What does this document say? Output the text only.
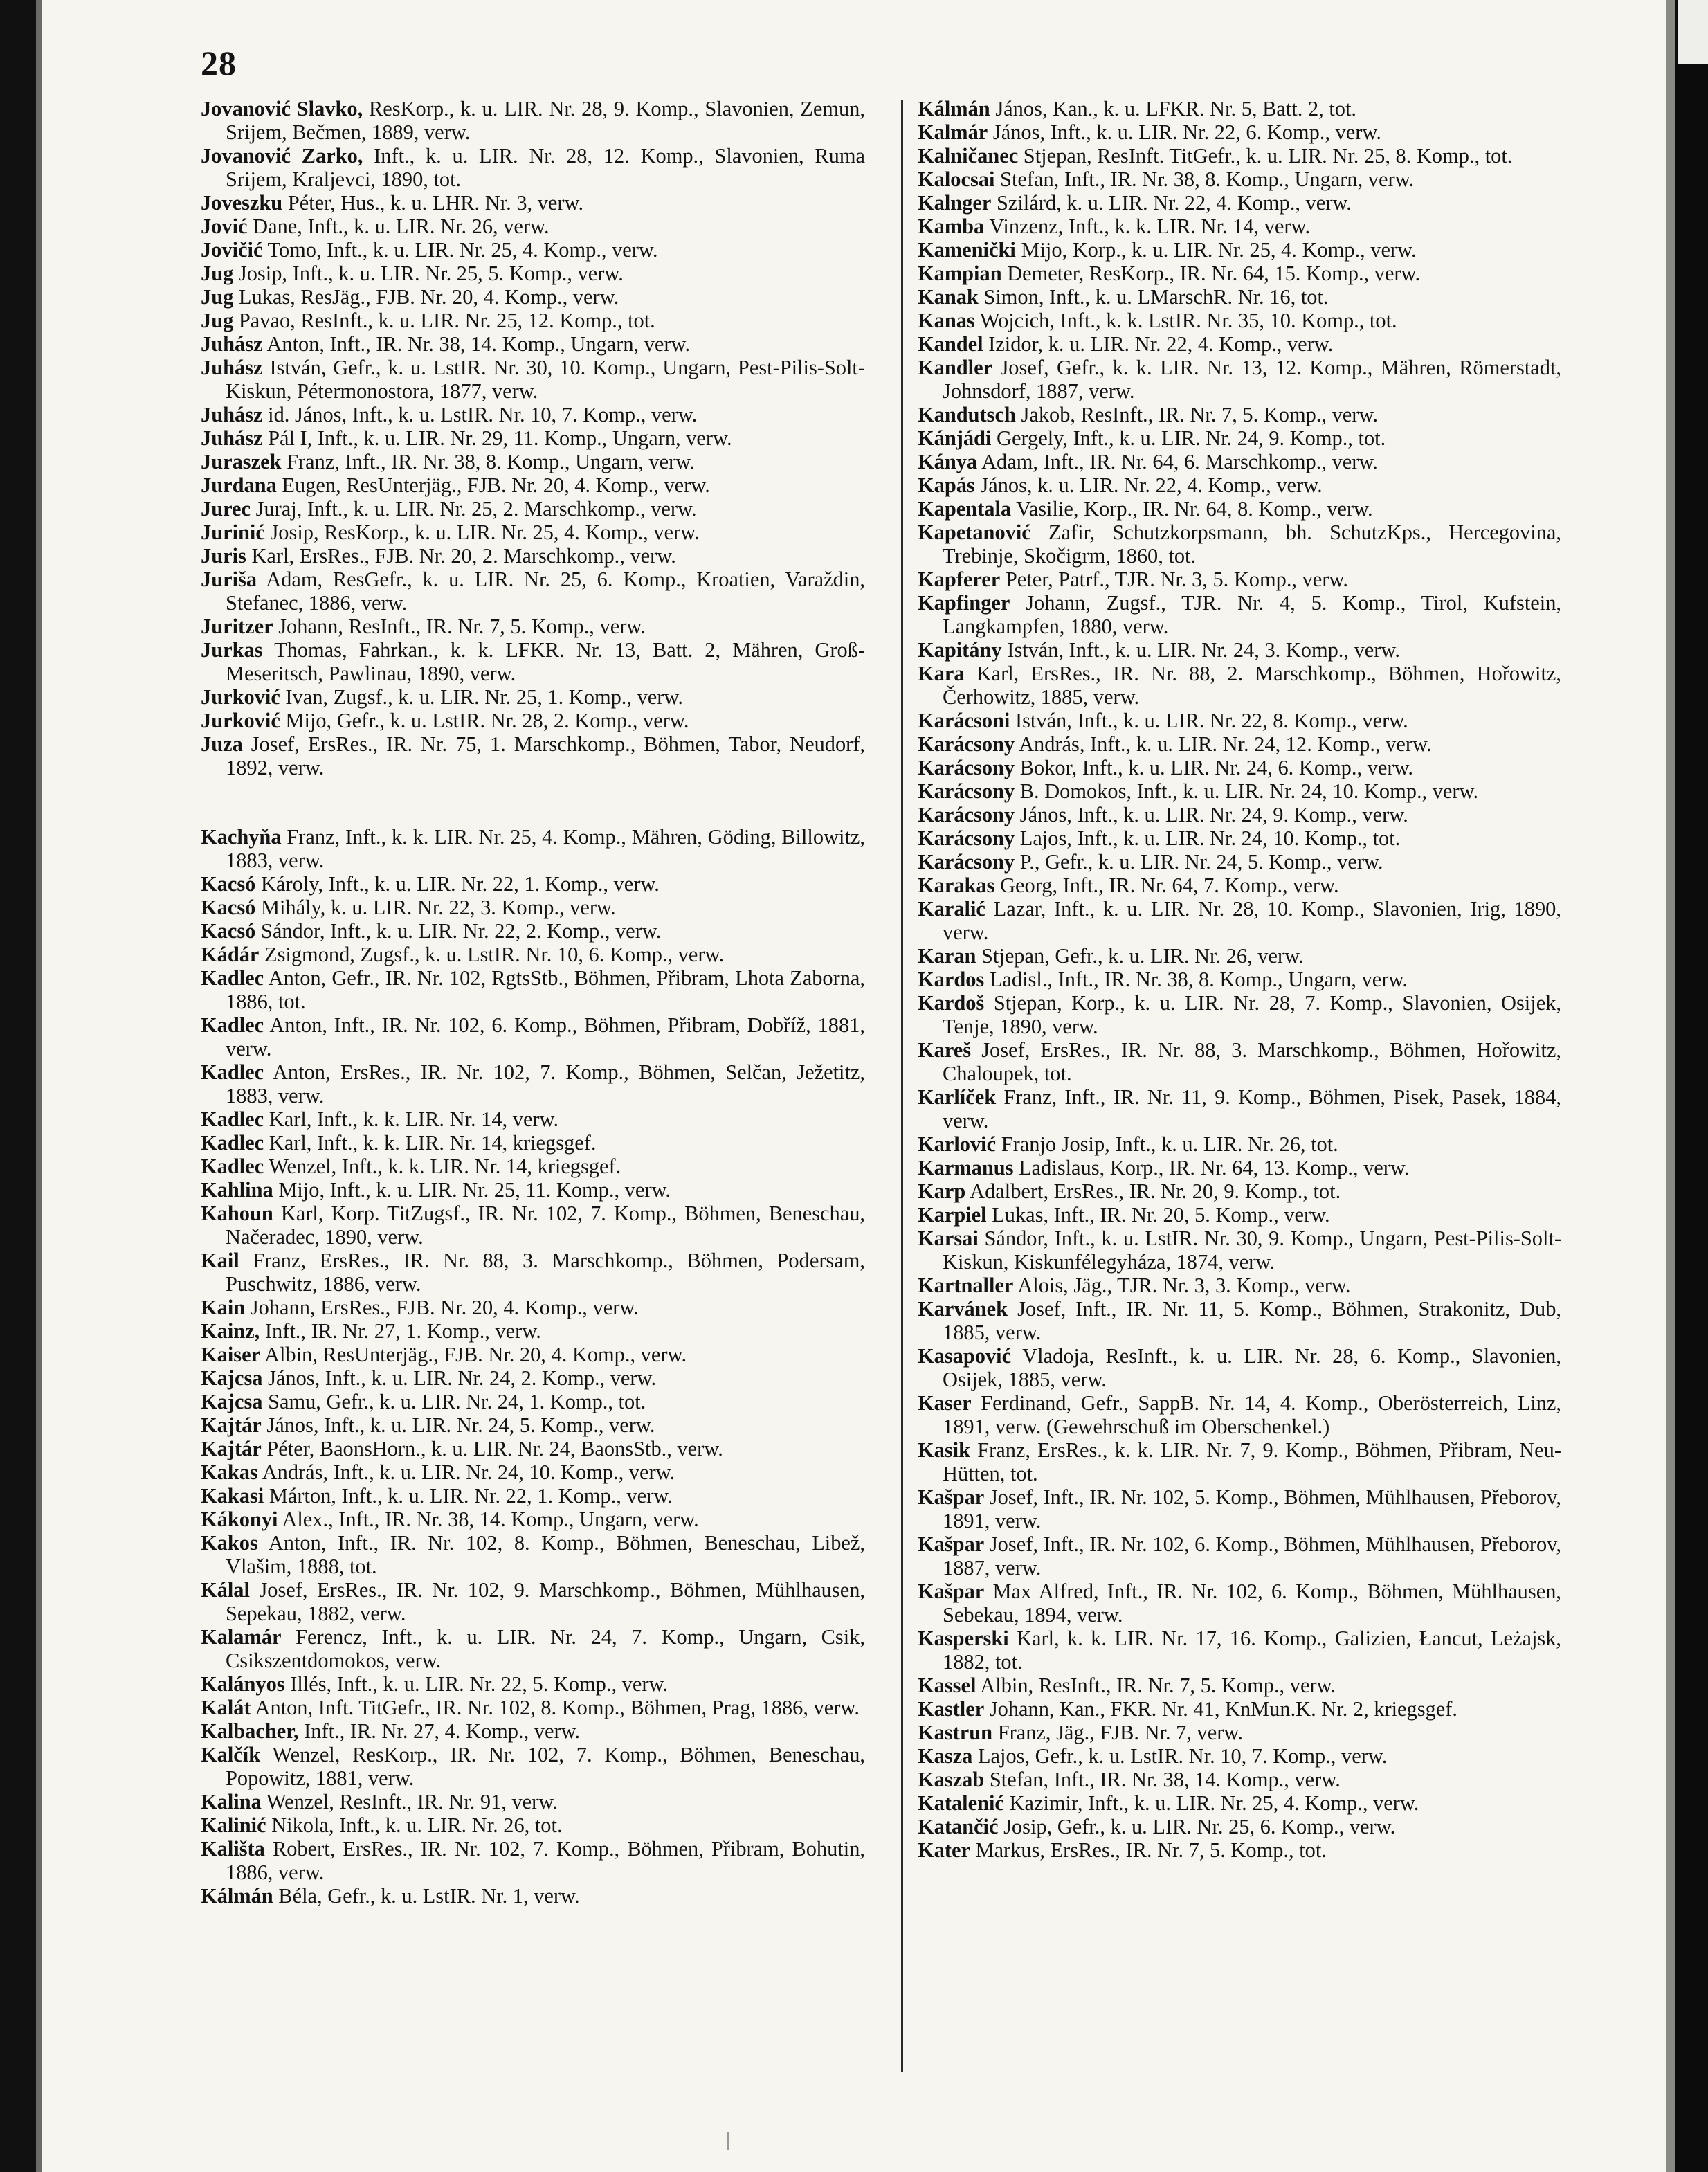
28
Jovanović Slavko, ResKorp., k. u. LIR. Nr. 28, 9. Komp., Slavonien, Zemun, Srijem, Bečmen, 1889, verw.
Jovanović Zarko, Inft., k. u. LIR. Nr. 28, 12. Komp., Slavonien, Ruma Srijem, Kraljevci, 1890, tot.
Joveszku Péter, Hus., k. u. LHR. Nr. 3, verw.
Jović Dane, Inft., k. u. LIR. Nr. 26, verw.
Jovičić Tomo, Inft., k. u. LIR. Nr. 25, 4. Komp., verw.
Jug Josip, Inft., k. u. LIR. Nr. 25, 5. Komp., verw.
Jug Lukas, ResJäg., FJB. Nr. 20, 4. Komp., verw.
Jug Pavao, ResInft., k. u. LIR. Nr. 25, 12. Komp., tot.
Juhász Anton, Inft., IR. Nr. 38, 14. Komp., Ungarn, verw.
Juhász István, Gefr., k. u. LstIR. Nr. 30, 10. Komp., Ungarn, Pest-Pilis-Solt-Kiskun, Pétermonostora, 1877, verw.
Juhász id. János, Inft., k. u. LstIR. Nr. 10, 7. Komp., verw.
Juhász Pál I, Inft., k. u. LIR. Nr. 29, 11. Komp., Ungarn, verw.
Juraszek Franz, Inft., IR. Nr. 38, 8. Komp., Ungarn, verw.
Jurdana Eugen, ResUnterjäg., FJB. Nr. 20, 4. Komp., verw.
Jurec Juraj, Inft., k. u. LIR. Nr. 25, 2. Marschkomp., verw.
Jurinić Josip, ResKorp., k. u. LIR. Nr. 25, 4. Komp., verw.
Juris Karl, ErsRes., FJB. Nr. 20, 2. Marschkomp., verw.
Juriša Adam, ResGefr., k. u. LIR. Nr. 25, 6. Komp., Kroatien, Varaždin, Stefanec, 1886, verw.
Juritzer Johann, ResInft., IR. Nr. 7, 5. Komp., verw.
Jurkas Thomas, Fahrkan., k. k. LFKR. Nr. 13, Batt. 2, Mähren, Groß-Meseritsch, Pawlinau, 1890, verw.
Jurković Ivan, Zugsf., k. u. LIR. Nr. 25, 1. Komp., verw.
Jurković Mijo, Gefr., k. u. LstIR. Nr. 28, 2. Komp., verw.
Juza Josef, ErsRes., IR. Nr. 75, 1. Marschkomp., Böhmen, Tabor, Neudorf, 1892, verw.
Kachyňa Franz, Inft., k. k. LIR. Nr. 25, 4. Komp., Mähren, Göding, Billowitz, 1883, verw.
Kacsó Károly, Inft., k. u. LIR. Nr. 22, 1. Komp., verw.
Kacsó Mihály, k. u. LIR. Nr. 22, 3. Komp., verw.
Kacsó Sándor, Inft., k. u. LIR. Nr. 22, 2. Komp., verw.
Kádár Zsigmond, Zugsf., k. u. LstIR. Nr. 10, 6. Komp., verw.
Kadlec Anton, Gefr., IR. Nr. 102, RgtsStb., Böhmen, Přibram, Lhota Zaborna, 1886, tot.
Kadlec Anton, Inft., IR. Nr. 102, 6. Komp., Böhmen, Přibram, Dobříž, 1881, verw.
Kadlec Anton, ErsRes., IR. Nr. 102, 7. Komp., Böhmen, Selčan, Ježetitz, 1883, verw.
Kadlec Karl, Inft., k. k. LIR. Nr. 14, verw.
Kadlec Karl, Inft., k. k. LIR. Nr. 14, kriegsgef.
Kadlec Wenzel, Inft., k. k. LIR. Nr. 14, kriegsgef.
Kahlina Mijo, Inft., k. u. LIR. Nr. 25, 11. Komp., verw.
Kahoun Karl, Korp. TitZugsf., IR. Nr. 102, 7. Komp., Böhmen, Beneschau, Načeradec, 1890, verw.
Kail Franz, ErsRes., IR. Nr. 88, 3. Marschkomp., Böhmen, Podersam, Puschwitz, 1886, verw.
Kain Johann, ErsRes., FJB. Nr. 20, 4. Komp., verw.
Kainz, Inft., IR. Nr. 27, 1. Komp., verw.
Kaiser Albin, ResUnterjäg., FJB. Nr. 20, 4. Komp., verw.
Kajcsa János, Inft., k. u. LIR. Nr. 24, 2. Komp., verw.
Kajcsa Samu, Gefr., k. u. LIR. Nr. 24, 1. Komp., tot.
Kajtár János, Inft., k. u. LIR. Nr. 24, 5. Komp., verw.
Kajtár Péter, BaonsHorn., k. u. LIR. Nr. 24, BaonsStb., verw.
Kakas András, Inft., k. u. LIR. Nr. 24, 10. Komp., verw.
Kakasi Márton, Inft., k. u. LIR. Nr. 22, 1. Komp., verw.
Kákonyi Alex., Inft., IR. Nr. 38, 14. Komp., Ungarn, verw.
Kakos Anton, Inft., IR. Nr. 102, 8. Komp., Böhmen, Beneschau, Libež, Vlašim, 1888, tot.
Kálal Josef, ErsRes., IR. Nr. 102, 9. Marschkomp., Böhmen, Mühlhausen, Sepekau, 1882, verw.
Kalamár Ferencz, Inft., k. u. LIR. Nr. 24, 7. Komp., Ungarn, Csik, Csikszentdomokos, verw.
Kalányos Illés, Inft., k. u. LIR. Nr. 22, 5. Komp., verw.
Kalát Anton, Inft. TitGefr., IR. Nr. 102, 8. Komp., Böhmen, Prag, 1886, verw.
Kalbacher, Inft., IR. Nr. 27, 4. Komp., verw.
Kalčík Wenzel, ResKorp., IR. Nr. 102, 7. Komp., Böhmen, Beneschau, Popowitz, 1881, verw.
Kalina Wenzel, ResInft., IR. Nr. 91, verw.
Kalinić Nikola, Inft., k. u. LIR. Nr. 26, tot.
Kališta Robert, ErsRes., IR. Nr. 102, 7. Komp., Böhmen, Přibram, Bohutin, 1886, verw.
Kálmán Béla, Gefr., k. u. LstIR. Nr. 1, verw.
Kálmán János, Kan., k. u. LFKR. Nr. 5, Batt. 2, tot.
Kalmár János, Inft., k. u. LIR. Nr. 22, 6. Komp., verw.
Kalničanec Stjepan, ResInft. TitGefr., k. u. LIR. Nr. 25, 8. Komp., tot.
Kalocsai Stefan, Inft., IR. Nr. 38, 8. Komp., Ungarn, verw.
Kalnger Szilárd, k. u. LIR. Nr. 22, 4. Komp., verw.
Kamba Vinzenz, Inft., k. k. LIR. Nr. 14, verw.
Kamenički Mijo, Korp., k. u. LIR. Nr. 25, 4. Komp., verw.
Kampian Demeter, ResKorp., IR. Nr. 64, 15. Komp., verw.
Kanak Simon, Inft., k. u. LMarschR. Nr. 16, tot.
Kanas Wojcich, Inft., k. k. LstIR. Nr. 35, 10. Komp., tot.
Kandel Izidor, k. u. LIR. Nr. 22, 4. Komp., verw.
Kandler Josef, Gefr., k. k. LIR. Nr. 13, 12. Komp., Mähren, Römerstadt, Johnsdorf, 1887, verw.
Kandutsch Jakob, ResInft., IR. Nr. 7, 5. Komp., verw.
Kánjádi Gergely, Inft., k. u. LIR. Nr. 24, 9. Komp., tot.
Kánya Adam, Inft., IR. Nr. 64, 6. Marschkomp., verw.
Kapás János, k. u. LIR. Nr. 22, 4. Komp., verw.
Kapentala Vasilie, Korp., IR. Nr. 64, 8. Komp., verw.
Kapetanović Zafir, Schutzkorpsmann, bh. SchutzKps., Hercegovina, Trebinje, Skočigrm, 1860, tot.
Kapferer Peter, Patrf., TJR. Nr. 3, 5. Komp., verw.
Kapfinger Johann, Zugsf., TJR. Nr. 4, 5. Komp., Tirol, Kufstein, Langkampfen, 1880, verw.
Kapitány István, Inft., k. u. LIR. Nr. 24, 3. Komp., verw.
Kara Karl, ErsRes., IR. Nr. 88, 2. Marschkomp., Böhmen, Hořowitz, Čerhowitz, 1885, verw.
Karácsoni István, Inft., k. u. LIR. Nr. 22, 8. Komp., verw.
Karácsony András, Inft., k. u. LIR. Nr. 24, 12. Komp., verw.
Karácsony Bokor, Inft., k. u. LIR. Nr. 24, 6. Komp., verw.
Karácsony B. Domokos, Inft., k. u. LIR. Nr. 24, 10. Komp., verw.
Karácsony János, Inft., k. u. LIR. Nr. 24, 9. Komp., verw.
Karácsony Lajos, Inft., k. u. LIR. Nr. 24, 10. Komp., tot.
Karácsony P., Gefr., k. u. LIR. Nr. 24, 5. Komp., verw.
Karakas Georg, Inft., IR. Nr. 64, 7. Komp., verw.
Karalić Lazar, Inft., k. u. LIR. Nr. 28, 10. Komp., Slavonien, Irig, 1890, verw.
Karan Stjepan, Gefr., k. u. LIR. Nr. 26, verw.
Kardos Ladisl., Inft., IR. Nr. 38, 8. Komp., Ungarn, verw.
Kardoš Stjepan, Korp., k. u. LIR. Nr. 28, 7. Komp., Slavonien, Osijek, Tenje, 1890, verw.
Kareš Josef, ErsRes., IR. Nr. 88, 3. Marschkomp., Böhmen, Hořowitz, Chaloupek, tot.
Karlíček Franz, Inft., IR. Nr. 11, 9. Komp., Böhmen, Pisek, Pasek, 1884, verw.
Karlović Franjo Josip, Inft., k. u. LIR. Nr. 26, tot.
Karmanus Ladislaus, Korp., IR. Nr. 64, 13. Komp., verw.
Karp Adalbert, ErsRes., IR. Nr. 20, 9. Komp., tot.
Karpiel Lukas, Inft., IR. Nr. 20, 5. Komp., verw.
Karsai Sándor, Inft., k. u. LstIR. Nr. 30, 9. Komp., Ungarn, Pest-Pilis-Solt-Kiskun, Kiskunfélegyháza, 1874, verw.
Kartnaller Alois, Jäg., TJR. Nr. 3, 3. Komp., verw.
Karvánek Josef, Inft., IR. Nr. 11, 5. Komp., Böhmen, Strakonitz, Dub, 1885, verw.
Kasapović Vladoja, ResInft., k. u. LIR. Nr. 28, 6. Komp., Slavonien, Osijek, 1885, verw.
Kaser Ferdinand, Gefr., SappB. Nr. 14, 4. Komp., Oberösterreich, Linz, 1891, verw. (Gewehrschuß im Oberschenkel.)
Kasik Franz, ErsRes., k. k. LIR. Nr. 7, 9. Komp., Böhmen, Přibram, Neu-Hütten, tot.
Kašpar Josef, Inft., IR. Nr. 102, 5. Komp., Böhmen, Mühlhausen, Přeborov, 1891, verw.
Kašpar Josef, Inft., IR. Nr. 102, 6. Komp., Böhmen, Mühlhausen, Přeborov, 1887, verw.
Kašpar Max Alfred, Inft., IR. Nr. 102, 6. Komp., Böhmen, Mühlhausen, Sebekau, 1894, verw.
Kasperski Karl, k. k. LIR. Nr. 17, 16. Komp., Galizien, Łancut, Leżajsk, 1882, tot.
Kassel Albin, ResInft., IR. Nr. 7, 5. Komp., verw.
Kastler Johann, Kan., FKR. Nr. 41, KnMun.K. Nr. 2, kriegsgef.
Kastrun Franz, Jäg., FJB. Nr. 7, verw.
Kasza Lajos, Gefr., k. u. LstIR. Nr. 10, 7. Komp., verw.
Kaszab Stefan, Inft., IR. Nr. 38, 14. Komp., verw.
Katalenić Kazimir, Inft., k. u. LIR. Nr. 25, 4. Komp., verw.
Katančić Josip, Gefr., k. u. LIR. Nr. 25, 6. Komp., verw.
Kater Markus, ErsRes., IR. Nr. 7, 5. Komp., tot.
